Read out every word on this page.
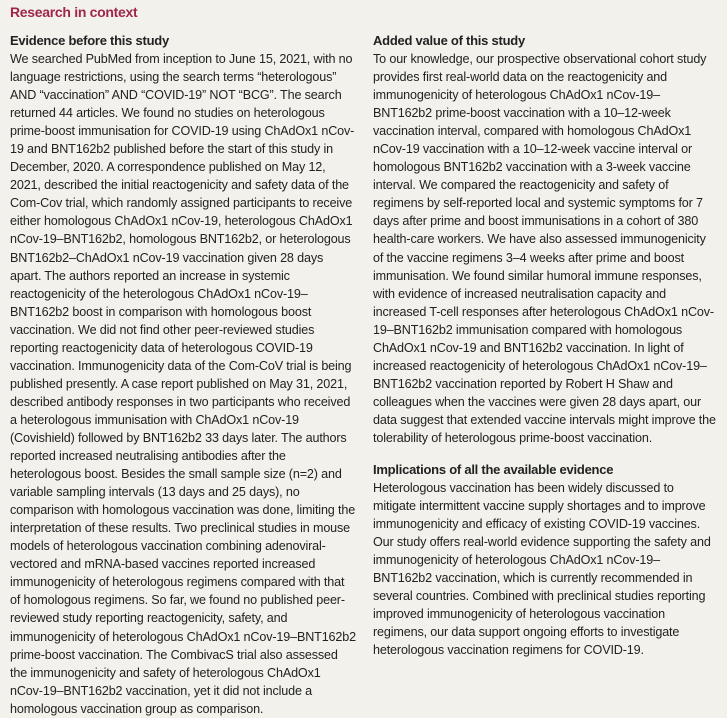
Research in context
Evidence before this study

We searched PubMed from inception to June 15, 2021, with no language restrictions, using the search terms “heterologous” AND “vaccination” AND “COVID-19” NOT “BCG”. The search returned 44 articles. We found no studies on heterologous prime-boost immunisation for COVID-19 using ChAdOx1 nCov-19 and BNT162b2 published before the start of this study in December, 2020. A correspondence published on May 12, 2021, described the initial reactogenicity and safety data of the Com-Cov trial, which randomly assigned participants to receive either homologous ChAdOx1 nCov-19, heterologous ChAdOx1 nCov-19–BNT162b2, homologous BNT162b2, or heterologous BNT162b2–ChAdOx1 nCov-19 vaccination given 28 days apart. The authors reported an increase in systemic reactogenicity of the heterologous ChAdOx1 nCov-19–BNT162b2 boost in comparison with homologous boost vaccination. We did not find other peer-reviewed studies reporting reactogenicity data of heterologous COVID-19 vaccination. Immunogenicity data of the Com-CoV trial is being published presently. A case report published on May 31, 2021, described antibody responses in two participants who received a heterologous immunisation with ChAdOx1 nCov-19 (Covishield) followed by BNT162b2 33 days later. The authors reported increased neutralising antibodies after the heterologous boost. Besides the small sample size (n=2) and variable sampling intervals (13 days and 25 days), no comparison with homologous vaccination was done, limiting the interpretation of these results. Two preclinical studies in mouse models of heterologous vaccination combining adenoviral-vectored and mRNA-based vaccines reported increased immunogenicity of heterologous regimens compared with that of homologous regimens. So far, we found no published peer-reviewed study reporting reactogenicity, safety, and immunogenicity of heterologous ChAdOx1 nCov-19–BNT162b2 prime-boost vaccination. The CombivacS trial also assessed the immunogenicity and safety of heterologous ChAdOx1 nCov-19–BNT162b2 vaccination, yet it did not include a homologous vaccination group as comparison.

Added value of this study

To our knowledge, our prospective observational cohort study provides first real-world data on the reactogenicity and immunogenicity of heterologous ChAdOx1 nCov-19–BNT162b2 prime-boost vaccination with a 10–12-week vaccination interval, compared with homologous ChAdOx1 nCov-19 vaccination with a 10–12-week vaccine interval or homologous BNT162b2 vaccination with a 3-week vaccine interval. We compared the reactogenicity and safety of regimens by self-reported local and systemic symptoms for 7 days after prime and boost immunisations in a cohort of 380 health-care workers. We have also assessed immunogenicity of the vaccine regimens 3–4 weeks after prime and boost immunisation. We found similar humoral immune responses, with evidence of increased neutralisation capacity and increased T-cell responses after heterologous ChAdOx1 nCov-19–BNT162b2 immunisation compared with homologous ChAdOx1 nCov-19 and BNT162b2 vaccination. In light of increased reactogenicity of heterologous ChAdOx1 nCov-19–BNT162b2 vaccination reported by Robert H Shaw and colleagues when the vaccines were given 28 days apart, our data suggest that extended vaccine intervals might improve the tolerability of heterologous prime-boost vaccination.

Implications of all the available evidence

Heterologous vaccination has been widely discussed to mitigate intermittent vaccine supply shortages and to improve immunogenicity and efficacy of existing COVID-19 vaccines. Our study offers real-world evidence supporting the safety and immunogenicity of heterologous ChAdOx1 nCov-19–BNT162b2 vaccination, which is currently recommended in several countries. Combined with preclinical studies reporting improved immunogenicity of heterologous vaccination regimens, our data support ongoing efforts to investigate heterologous vaccination regimens for COVID-19.
